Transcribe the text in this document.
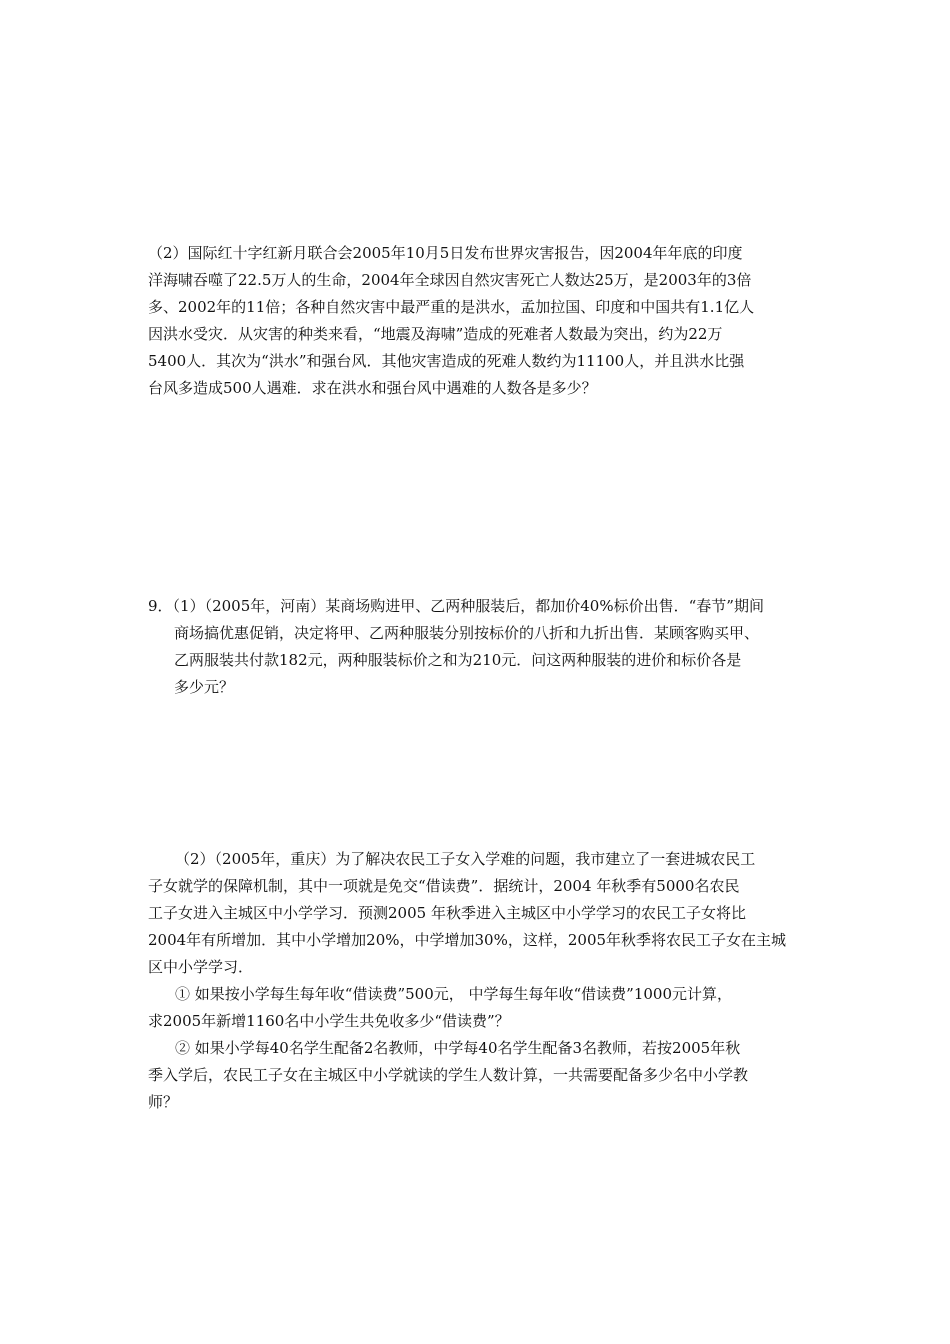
（2）国际红十字红新月联合会2005年10月5日发布世界灾害报告，因2004年年底的印度

洋海啸吞噬了22.5万人的生命，2004年全球因自然灾害死亡人数达25万，是2003年的3倍

多、2002年的11倍；各种自然灾害中最严重的是洪水，孟加拉国、印度和中国共有1.1亿人

因洪水受灾．从灾害的种类来看，“地震及海啸”造成的死难者人数最为突出，约为22万

5400人．其次为“洪水”和强台风．其他灾害造成的死难人数约为11100人，并且洪水比强

台风多造成500人遇难．求在洪水和强台风中遇难的人数各是多少？

9．（1）（2005年，河南）某商场购进甲、乙两种服装后，都加价40%标价出售．“春节”期间

商场搞优惠促销，决定将甲、乙两种服装分别按标价的八折和九折出售．某顾客购买甲、

乙两服装共付款182元，两种服装标价之和为210元．问这两种服装的进价和标价各是

多少元？

（2）（2005年，重庆）为了解决农民工子女入学难的问题，我市建立了一套进城农民工

子女就学的保障机制，其中一项就是免交“借读费”．据统计，2004 年秋季有5000名农民

工子女进入主城区中小学学习．预测2005 年秋季进入主城区中小学学习的农民工子女将比

2004年有所增加．其中小学增加20%，中学增加30%，这样，2005年秋季将农民工子女在主城

区中小学学习．

① 如果按小学每生每年收“借读费”500元， 中学每生每年收“借读费”1000元计算，

求2005年新增1160名中小学生共免收多少“借读费”？

② 如果小学每40名学生配备2名教师，中学每40名学生配备3名教师，若按2005年秋

季入学后，农民工子女在主城区中小学就读的学生人数计算，一共需要配备多少名中小学教

师？
